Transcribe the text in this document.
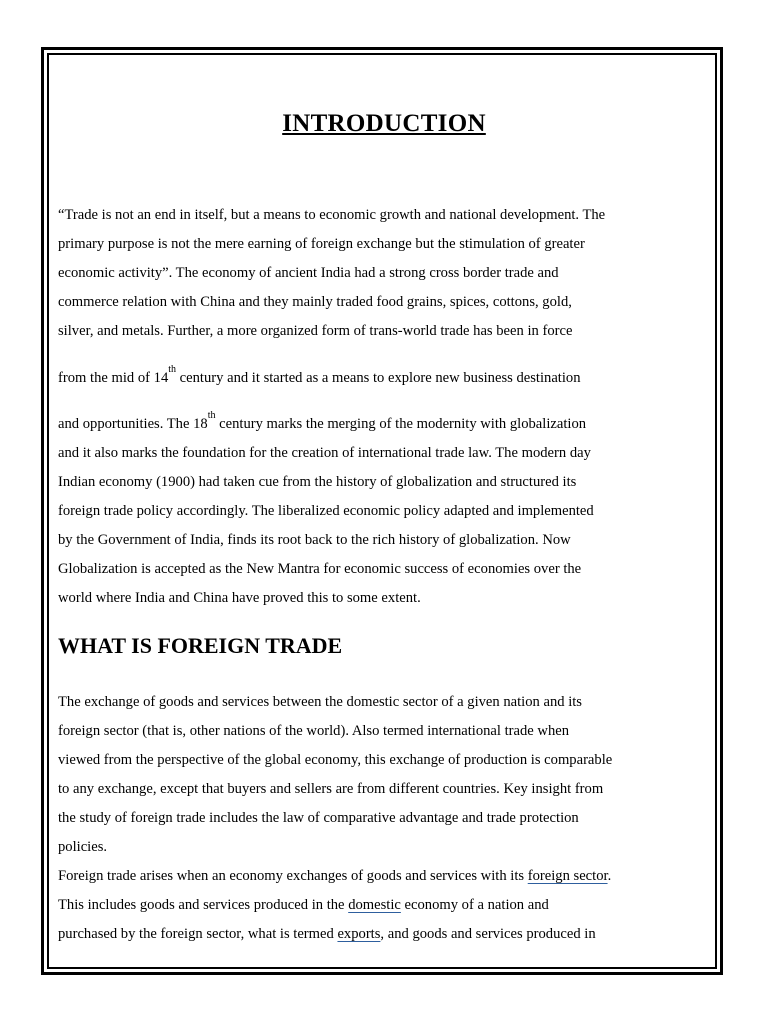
INTRODUCTION
“Trade is not an end in itself, but a means to economic growth and national development. The
primary purpose is not the mere earning of foreign exchange but the stimulation of greater
economic activity”. The economy of ancient India had a strong cross border trade and
commerce relation with China and they mainly traded food grains, spices, cottons, gold,
silver, and metals. Further, a more organized form of trans-world trade has been in force
from the mid of 14th century and it started as a means to explore new business destination
and opportunities. The 18th century marks the merging of the modernity with globalization
and it also marks the foundation for the creation of international trade law. The modern day
Indian economy (1900) had taken cue from the history of globalization and structured its
foreign trade policy accordingly. The liberalized economic policy adapted and implemented
by the Government of India, finds its root back to the rich history of globalization. Now
Globalization is accepted as the New Mantra for economic success of economies over the
world where India and China have proved this to some extent.
WHAT IS FOREIGN TRADE
The exchange of goods and services between the domestic sector of a given nation and its
foreign sector (that is, other nations of the world). Also termed international trade when
viewed from the perspective of the global economy, this exchange of production is comparable
to any exchange, except that buyers and sellers are from different countries. Key insight from
the study of foreign trade includes the law of comparative advantage and trade protection
policies.
Foreign trade arises when an economy exchanges of goods and services with its foreign sector.
This includes goods and services produced in the domestic economy of a nation and
purchased by the foreign sector, what is termed exports, and goods and services produced in
